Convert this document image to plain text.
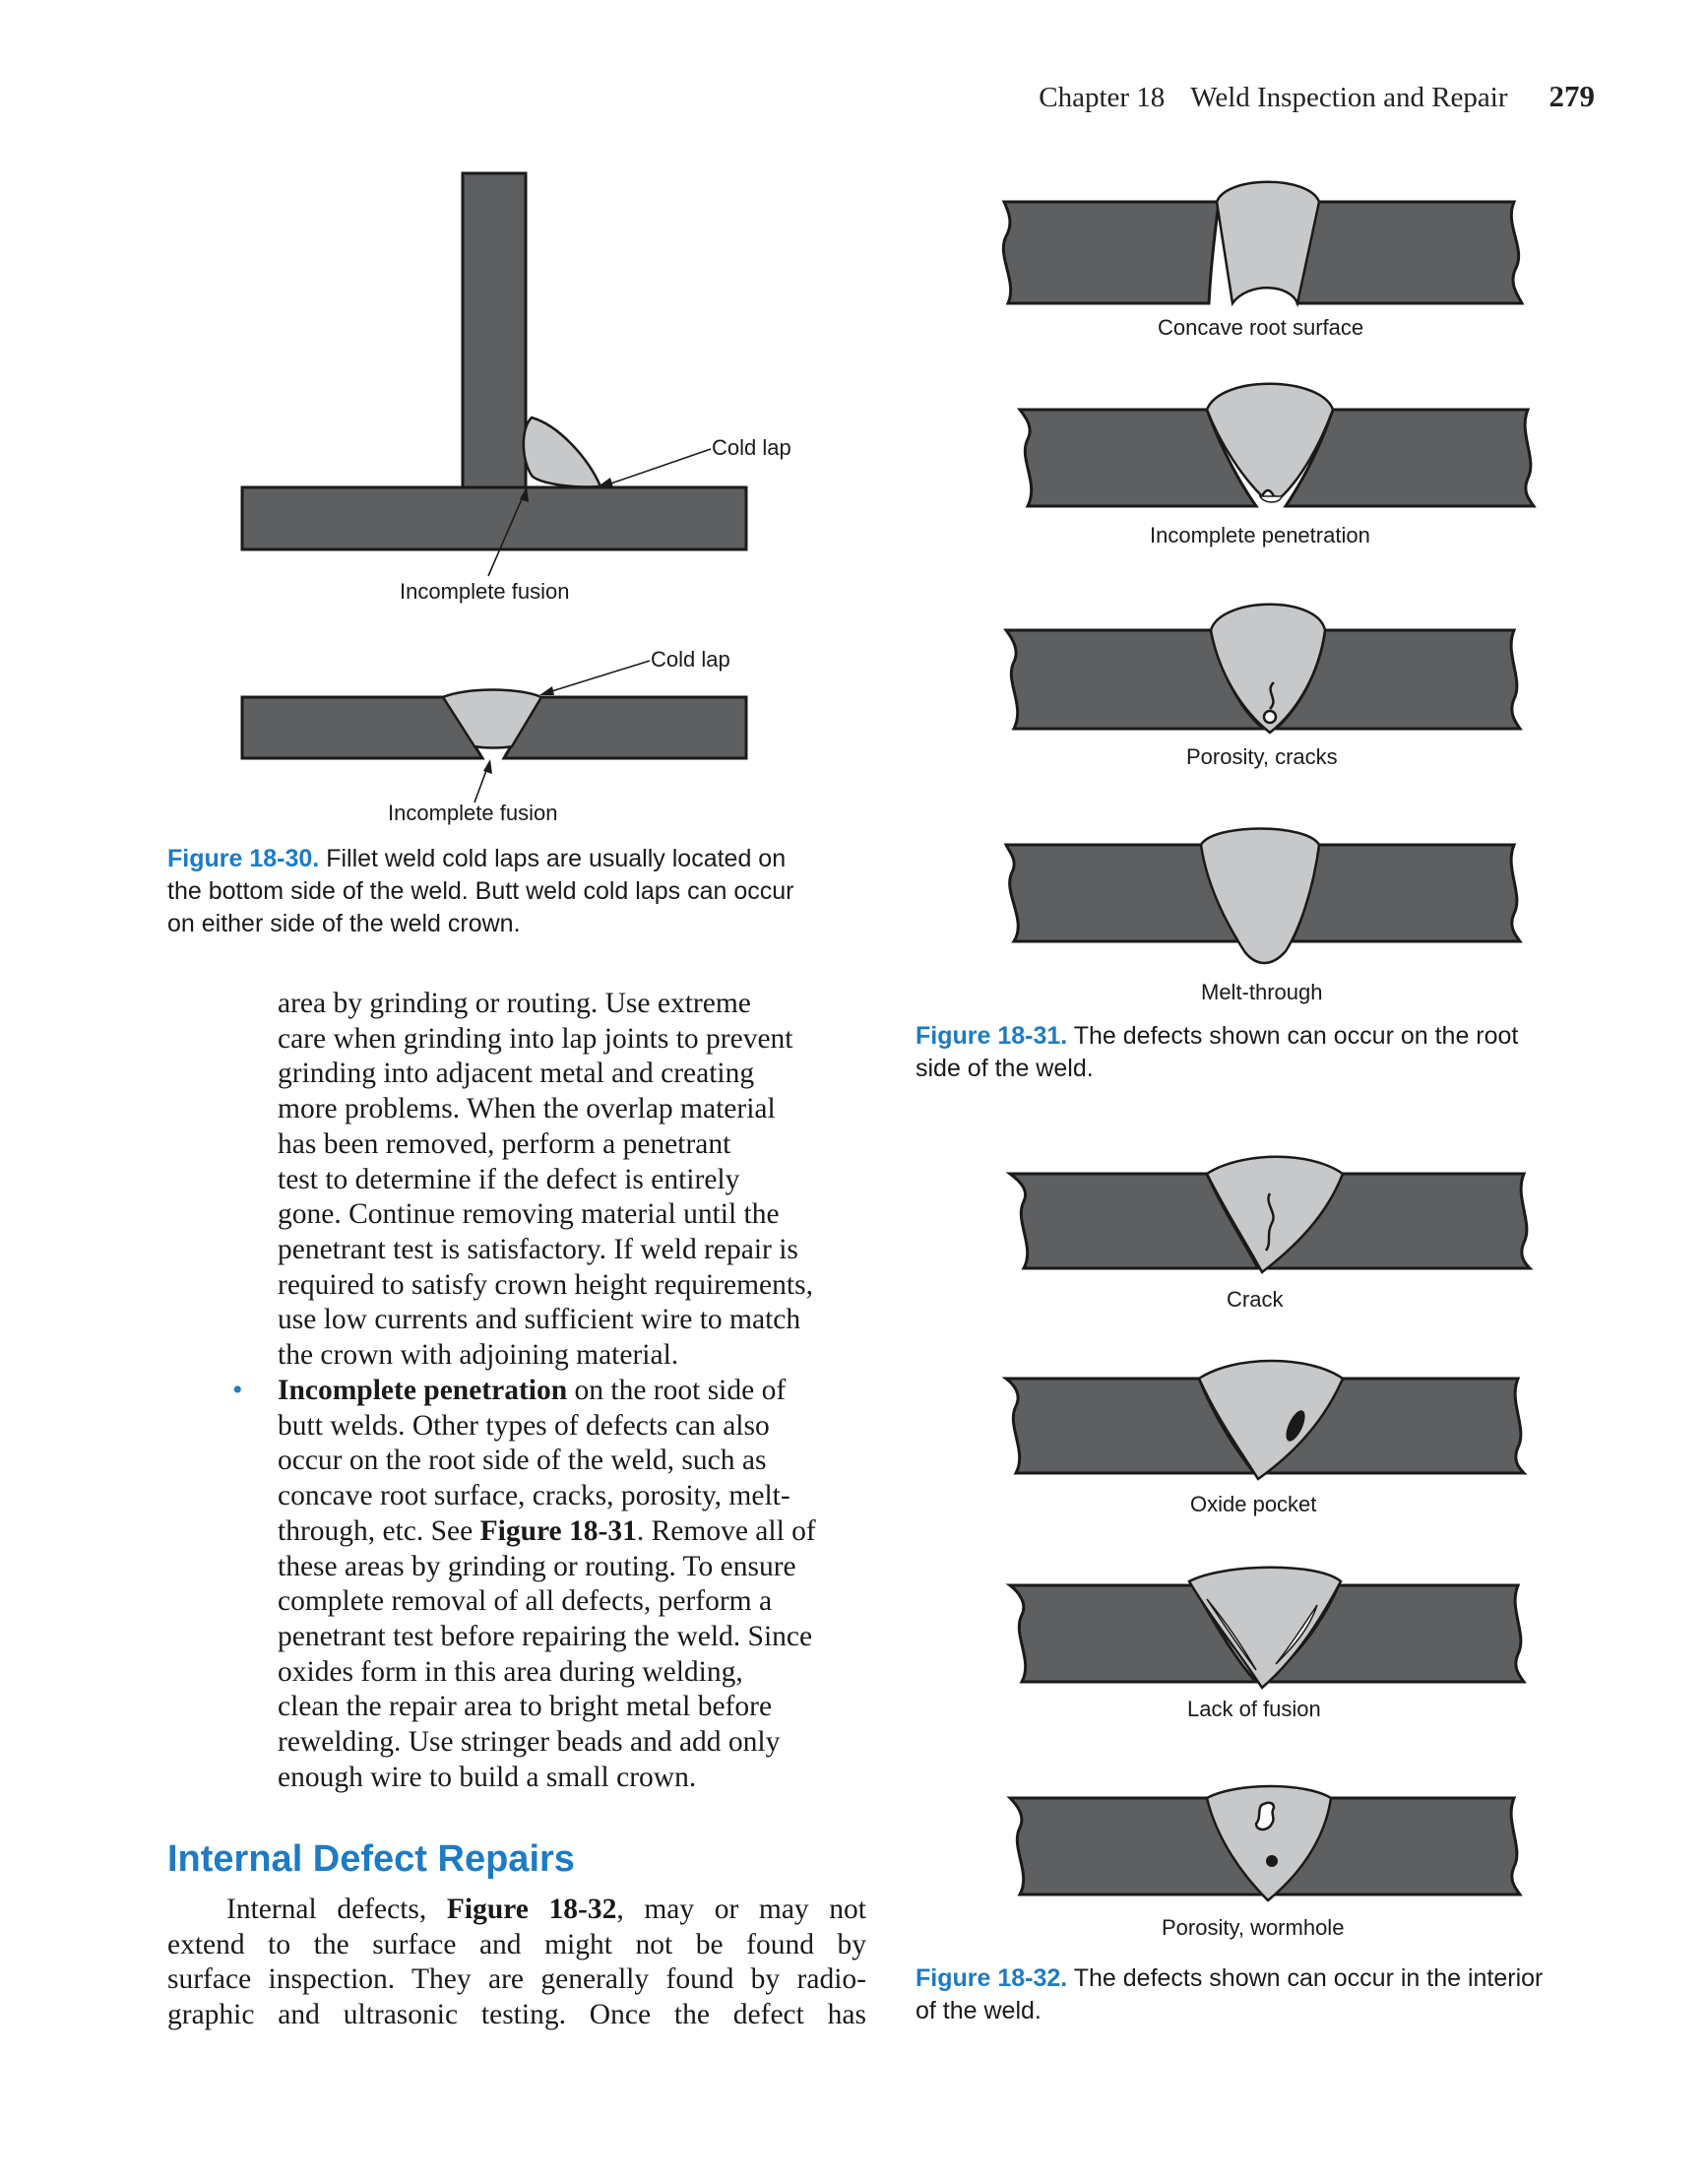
Chapter 18 Weld Inspection and Repair 279
Cold lap
Incomplete fusion
Cold lap
Incomplete fusion
Figure 18-30. Fillet weld cold laps are usually located on
the bottom side of the weld. Butt weld cold laps can occur
on either side of the weld crown.
Concave root surface
Incomplete penetration
Porosity, cracks
Melt-through
Figure 18-31. The defects shown can occur on the root
side of the weld.
Crack
Oxide pocket
Lack of fusion
Porosity, wormhole
Figure 18-32. The defects shown can occur in the interior
of the weld.
area by grinding or routing. Use extreme
care when grinding into lap joints to prevent
grinding into adjacent metal and creating
more problems. When the overlap material
has been removed, perform a penetrant
test to determine if the defect is entirely
gone. Continue removing material until the
penetrant test is satisfactory. If weld repair is
required to satisfy crown height requirements,
use low currents and sufficient wire to match
the crown with adjoining material.
• Incomplete penetration on the root side of
butt welds. Other types of defects can also
occur on the root side of the weld, such as
concave root surface, cracks, porosity, melt-
through, etc. See Figure 18-31. Remove all of
these areas by grinding or routing. To ensure
complete removal of all defects, perform a
penetrant test before repairing the weld. Since
oxides form in this area during welding,
clean the repair area to bright metal before
rewelding. Use stringer beads and add only
enough wire to build a small crown.
Internal Defect Repairs
Internal defects, Figure 18-32, may or may not
extend to the surface and might not be found by
surface inspection. They are generally found by radio-
graphic and ultrasonic testing. Once the defect has
